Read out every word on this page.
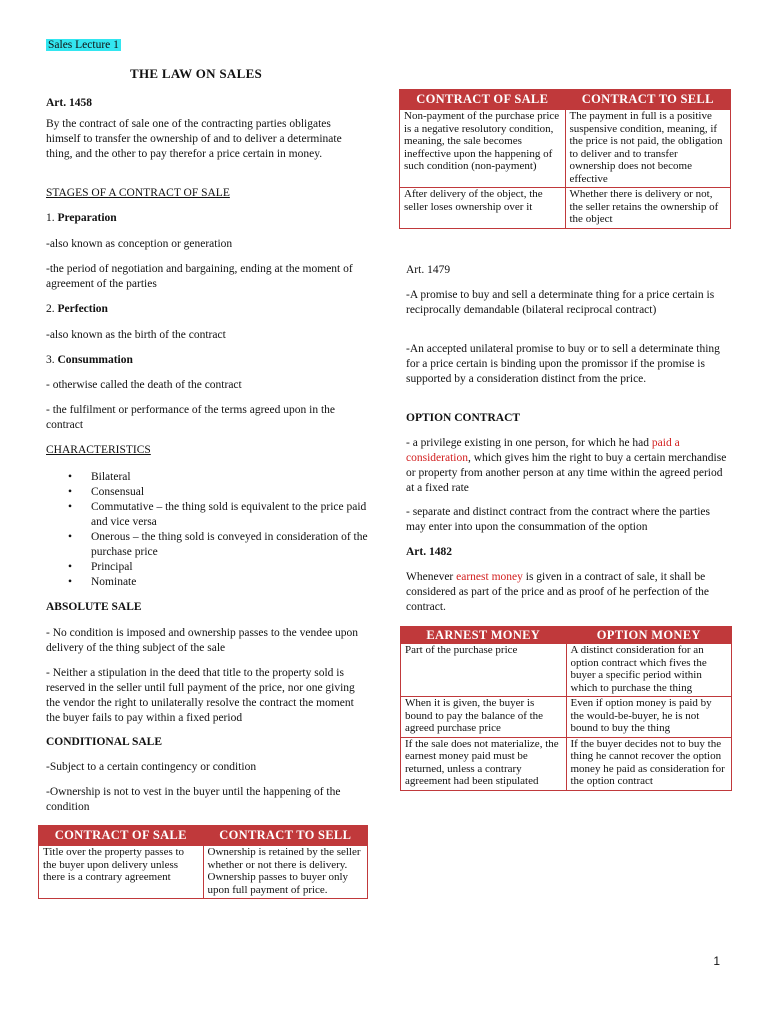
Sales Lecture 1

THE LAW ON SALES

Art. 1458

By the contract of sale one of the contracting parties obligates himself to transfer the ownership of and to deliver a determinate thing, and the other to pay therefor a price certain in money.

STAGES OF A CONTRACT OF SALE

1. Preparation

-also known as conception or generation

-the period of negotiation and bargaining, ending at the moment of agreement of the parties

2. Perfection

-also known as the birth of the contract

3. Consummation

- otherwise called the death of the contract

- the fulfilment or performance of the terms agreed upon in the contract

CHARACTERISTICS

• Bilateral
• Consensual
• Commutative – the thing sold is equivalent to the price paid and vice versa
• Onerous – the thing sold is conveyed in consideration of the purchase price
• Principal
• Nominate

ABSOLUTE SALE

- No condition is imposed and ownership passes to the vendee upon delivery of the thing subject of the sale

- Neither a stipulation in the deed that title to the property sold is reserved in the seller until full payment of the price, nor one giving the vendor the right to unilaterally resolve the contract the moment the buyer fails to pay within a fixed period

CONDITIONAL SALE

-Subject to a certain contingency or condition

-Ownership is not to vest in the buyer until the happening of the condition

CONTRACT OF SALE	CONTRACT TO SELL
Title over the property passes to the buyer upon delivery unless there is a contrary agreement	Ownership is retained by the seller whether or not there is delivery. Ownership passes to buyer only upon full payment of price.
CONTRACT OF SALE	CONTRACT TO SELL
Non-payment of the purchase price is a negative resolutory condition, meaning, the sale becomes ineffective upon the happening of such condition (non-payment)	The payment in full is a positive suspensive condition, meaning, if the price is not paid, the obligation to deliver and to transfer ownership does not become effective
After delivery of the object, the seller loses ownership over it	Whether there is delivery or not, the seller retains the ownership of the object

Art. 1479

-A promise to buy and sell a determinate thing for a price certain is reciprocally demandable (bilateral reciprocal contract)

-An accepted unilateral promise to buy or to sell a determinate thing for a price certain is binding upon the promissor if the promise is supported by a consideration distinct from the price.

OPTION CONTRACT

- a privilege existing in one person, for which he had paid a consideration, which gives him the right to buy a certain merchandise or property from another person at any time within the agreed period at a fixed rate

- separate and distinct contract from the contract where the parties may enter into upon the consummation of the option

Art. 1482

Whenever earnest money is given in a contract of sale, it shall be considered as part of the price and as proof of he perfection of the contract.

EARNEST MONEY	OPTION MONEY
Part of the purchase price	A distinct consideration for an option contract which fives the buyer a specific period within which to purchase the thing
When it is given, the buyer is bound to pay the balance of the agreed purchase price	Even if option money is paid by the would-be-buyer, he is not bound to buy the thing
If the sale does not materialize, the earnest money paid must be returned, unless a contrary agreement had been stipulated	If the buyer decides not to buy the thing he cannot recover the option money he paid as consideration for the option contract
1
